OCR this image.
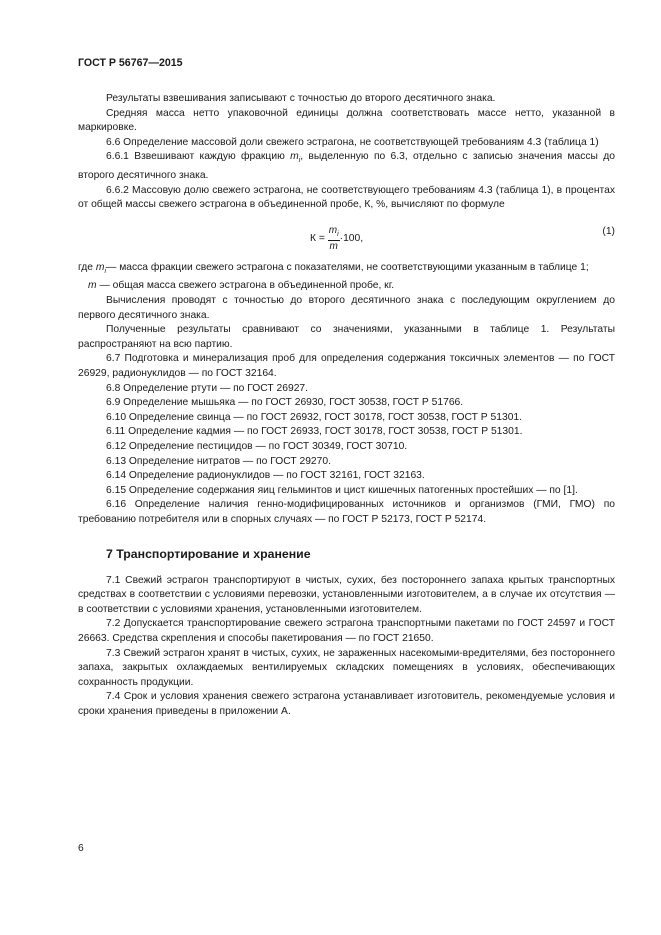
ГОСТ Р 56767—2015

Результаты взвешивания записывают с точностью до второго десятичного знака.

Средняя масса нетто упаковочной единицы должна соответствовать массе нетто, указанной в маркировке.

6.6 Определение массовой доли свежего эстрагона, не соответствующей требованиям 4.3 (таблица 1)

6.6.1 Взвешивают каждую фракцию $m_i$, выделенную по 6.3, отдельно с записью значения массы до второго десятичного знака.

6.6.2 Массовую долю свежего эстрагона, не соответствующего требованиям 4.3 (таблица 1), в процентах от общей массы свежего эстрагона в объединенной пробе, К, %, вычисляют по формуле

$К = \frac{m_i}{m} \cdot 100$,
(1)
где $m_i$ — масса фракции свежего эстрагона с показателями, не соответствующими указанным в таблице 1;
m — общая масса свежего эстрагона в объединенной пробе, кг.

Вычисления проводят с точностью до второго десятичного знака с последующим округлением до первого десятичного знака.

Полученные результаты сравнивают со значениями, указанными в таблице 1. Результаты распространяют на всю партию.

6.7 Подготовка и минерализация проб для определения содержания токсичных элементов — по ГОСТ 26929, радионуклидов — по ГОСТ 32164.

6.8 Определение ртути — по ГОСТ 26927.

6.9 Определение мышьяка — по ГОСТ 26930, ГОСТ 30538, ГОСТ Р 51766.

6.10 Определение свинца — по ГОСТ 26932, ГОСТ 30178, ГОСТ 30538, ГОСТ Р 51301.

6.11 Определение кадмия — по ГОСТ 26933, ГОСТ 30178, ГОСТ 30538, ГОСТ Р 51301.

6.12 Определение пестицидов — по ГОСТ 30349, ГОСТ 30710.

6.13 Определение нитратов — по ГОСТ 29270.

6.14 Определение радионуклидов — по ГОСТ 32161, ГОСТ 32163.

6.15 Определение содержания яиц гельминтов и цист кишечных патогенных простейших — по [1].

6.16 Определение наличия генно-модифицированных источников и организмов (ГМИ, ГМО) по требованию потребителя или в спорных случаях — по ГОСТ Р 52173, ГОСТ Р 52174.

7 Транспортирование и хранение

7.1 Свежий эстрагон транспортируют в чистых, сухих, без постороннего запаха крытых транспортных средствах в соответствии с условиями перевозки, установленными изготовителем, а в случае их отсутствия — в соответствии с условиями хранения, установленными изготовителем.

7.2 Допускается транспортирование свежего эстрагона транспортными пакетами по ГОСТ 24597 и ГОСТ 26663. Средства скрепления и способы пакетирования — по ГОСТ 21650.

7.3 Свежий эстрагон хранят в чистых, сухих, не зараженных насекомыми-вредителями, без постороннего запаха, закрытых охлаждаемых вентилируемых складских помещениях в условиях, обеспечивающих сохранность продукции.

7.4 Срок и условия хранения свежего эстрагона устанавливает изготовитель, рекомендуемые условия и сроки хранения приведены в приложении А.

6
